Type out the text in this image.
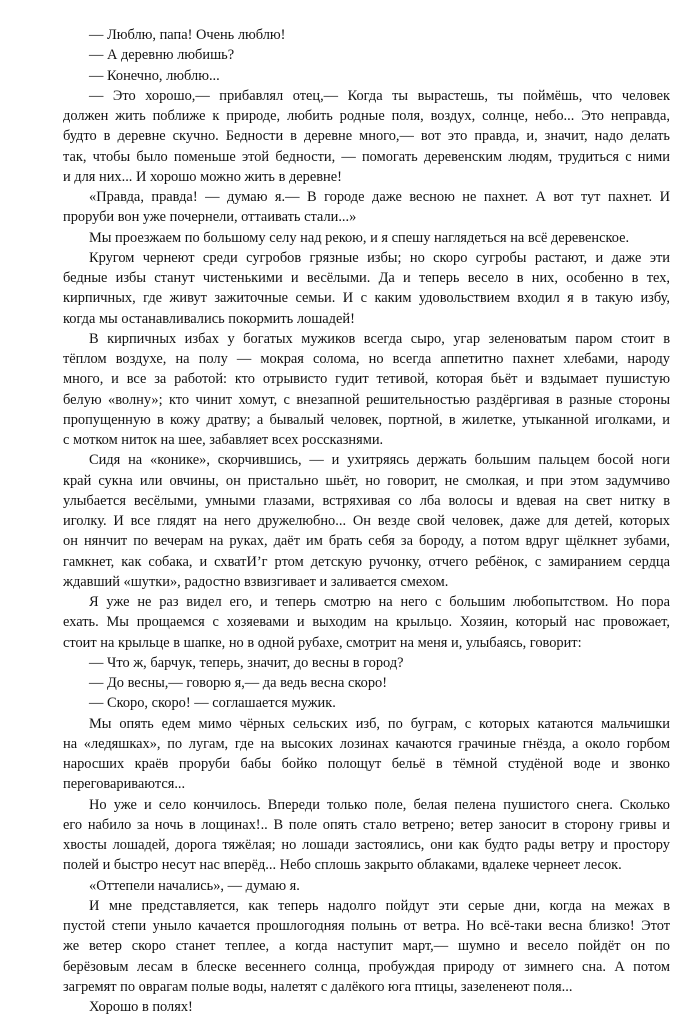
— Люблю, папа! Очень люблю!
— А деревню любишь?
— Конечно, люблю...
— Это хорошо,— прибавлял отец,— Когда ты вырастешь, ты поймёшь, что человек
должен жить поближе к природе, любить родные поля, воздух, солнце, небо... Это неправда,
будто в деревне скучно. Бедности в деревне много,— вот это правда, и, значит, надо делать
так, чтобы было поменьше этой бедности, — помогать деревенским людям, трудиться с ними
и для них... И хорошо можно жить в деревне!
«Правда, правда! — думаю я.— В городе даже весною не пахнет. А вот тут пахнет. И
проруби вон уже почернели, оттаивать стали...»
Мы проезжаем по большому селу над рекою, и я спешу наглядеться на всё деревенское.
Кругом чернеют среди сугробов грязные избы; но скоро сугробы растают, и даже эти
бедные избы станут чистенькими и весёлыми. Да и теперь весело в них, особенно в тех,
кирпичных, где живут зажиточные семьи. И с каким удовольствием входил я в такую избу,
когда мы останавливались покормить лошадей!
В кирпичных избах у богатых мужиков всегда сыро, угар зеленоватым паром стоит в
тёплом воздухе, на полу — мокрая солома, но всегда аппетитно пахнет хлебами, народу
много, и все за работой: кто отрывисто гудит тетивой, которая бьёт и вздымает пушистую
белую «волну»; кто чинит хомут, с внезапной решительностью раздёргивая в разные стороны
пропущенную в кожу дратву; а бывалый человек, портной, в жилетке, утыканной иголками, и
с мотком ниток на шее, забавляет всех россказнями.
Сидя на «конике», скорчившись, — и ухитряясь держать большим пальцем босой ноги
край сукна или овчины, он пристально шьёт, но говорит, не смолкая, и при этом задумчиво
улыбается весёлыми, умными глазами, встряхивая со лба волосы и вдевая на свет нитку в
иголку. И все глядят на него дружелюбно... Он везде свой человек, даже для детей, которых
он нянчит по вечерам на руках, даёт им брать себя за бороду, а потом вдруг щёлкнет зубами,
гамкнет, как собака, и схватИ’г ртом детскую ручонку, отчего ребёнок, с замиранием сердца
ждавший «шутки», радостно взвизгивает и заливается смехом.
Я уже не раз видел его, и теперь смотрю на него с большим любопытством. Но пора
ехать. Мы прощаемся с хозяевами и выходим на крыльцо. Хозяин, который нас провожает,
стоит на крыльце в шапке, но в одной рубахе, смотрит на меня и, улыбаясь, говорит:
— Что ж, барчук, теперь, значит, до весны в город?
— До весны,— говорю я,— да ведь весна скоро!
— Скоро, скоро! — соглашается мужик.
Мы опять едем мимо чёрных сельских изб, по буграм, с которых катаются мальчишки
на «ледяшках», по лугам, где на высоких лозинах качаются грачиные гнёзда, а около горбом
наросших краёв проруби бабы бойко полощут бельё в тёмной студёной воде и звонко
переговариваются...
Но уже и село кончилось. Впереди только поле, белая пелена пушистого снега. Сколько
его набило за ночь в лощинах!.. В поле опять стало ветрено; ветер заносит в сторону гривы и
хвосты лошадей, дорога тяжёлая; но лошади застоялись, они как будто рады ветру и простору
полей и быстро несут нас вперёд... Небо сплошь закрыто облаками, вдалеке чернеет лесок.
«Оттепели начались», — думаю я.
И мне представляется, как теперь надолго пойдут эти серые дни, когда на межах в
пустой степи уныло качается прошлогодняя полынь от ветра. Но всё-таки весна близко! Этот
же ветер скоро станет теплее, а когда наступит март,— шумно и весело пойдёт он по
берёзовым лесам в блеске весеннего солнца, пробуждая природу от зимнего сна. А потом
загремят по оврагам полые воды, налетят с далёкого юга птицы, зазеленеют поля...
Хорошо в полях!
